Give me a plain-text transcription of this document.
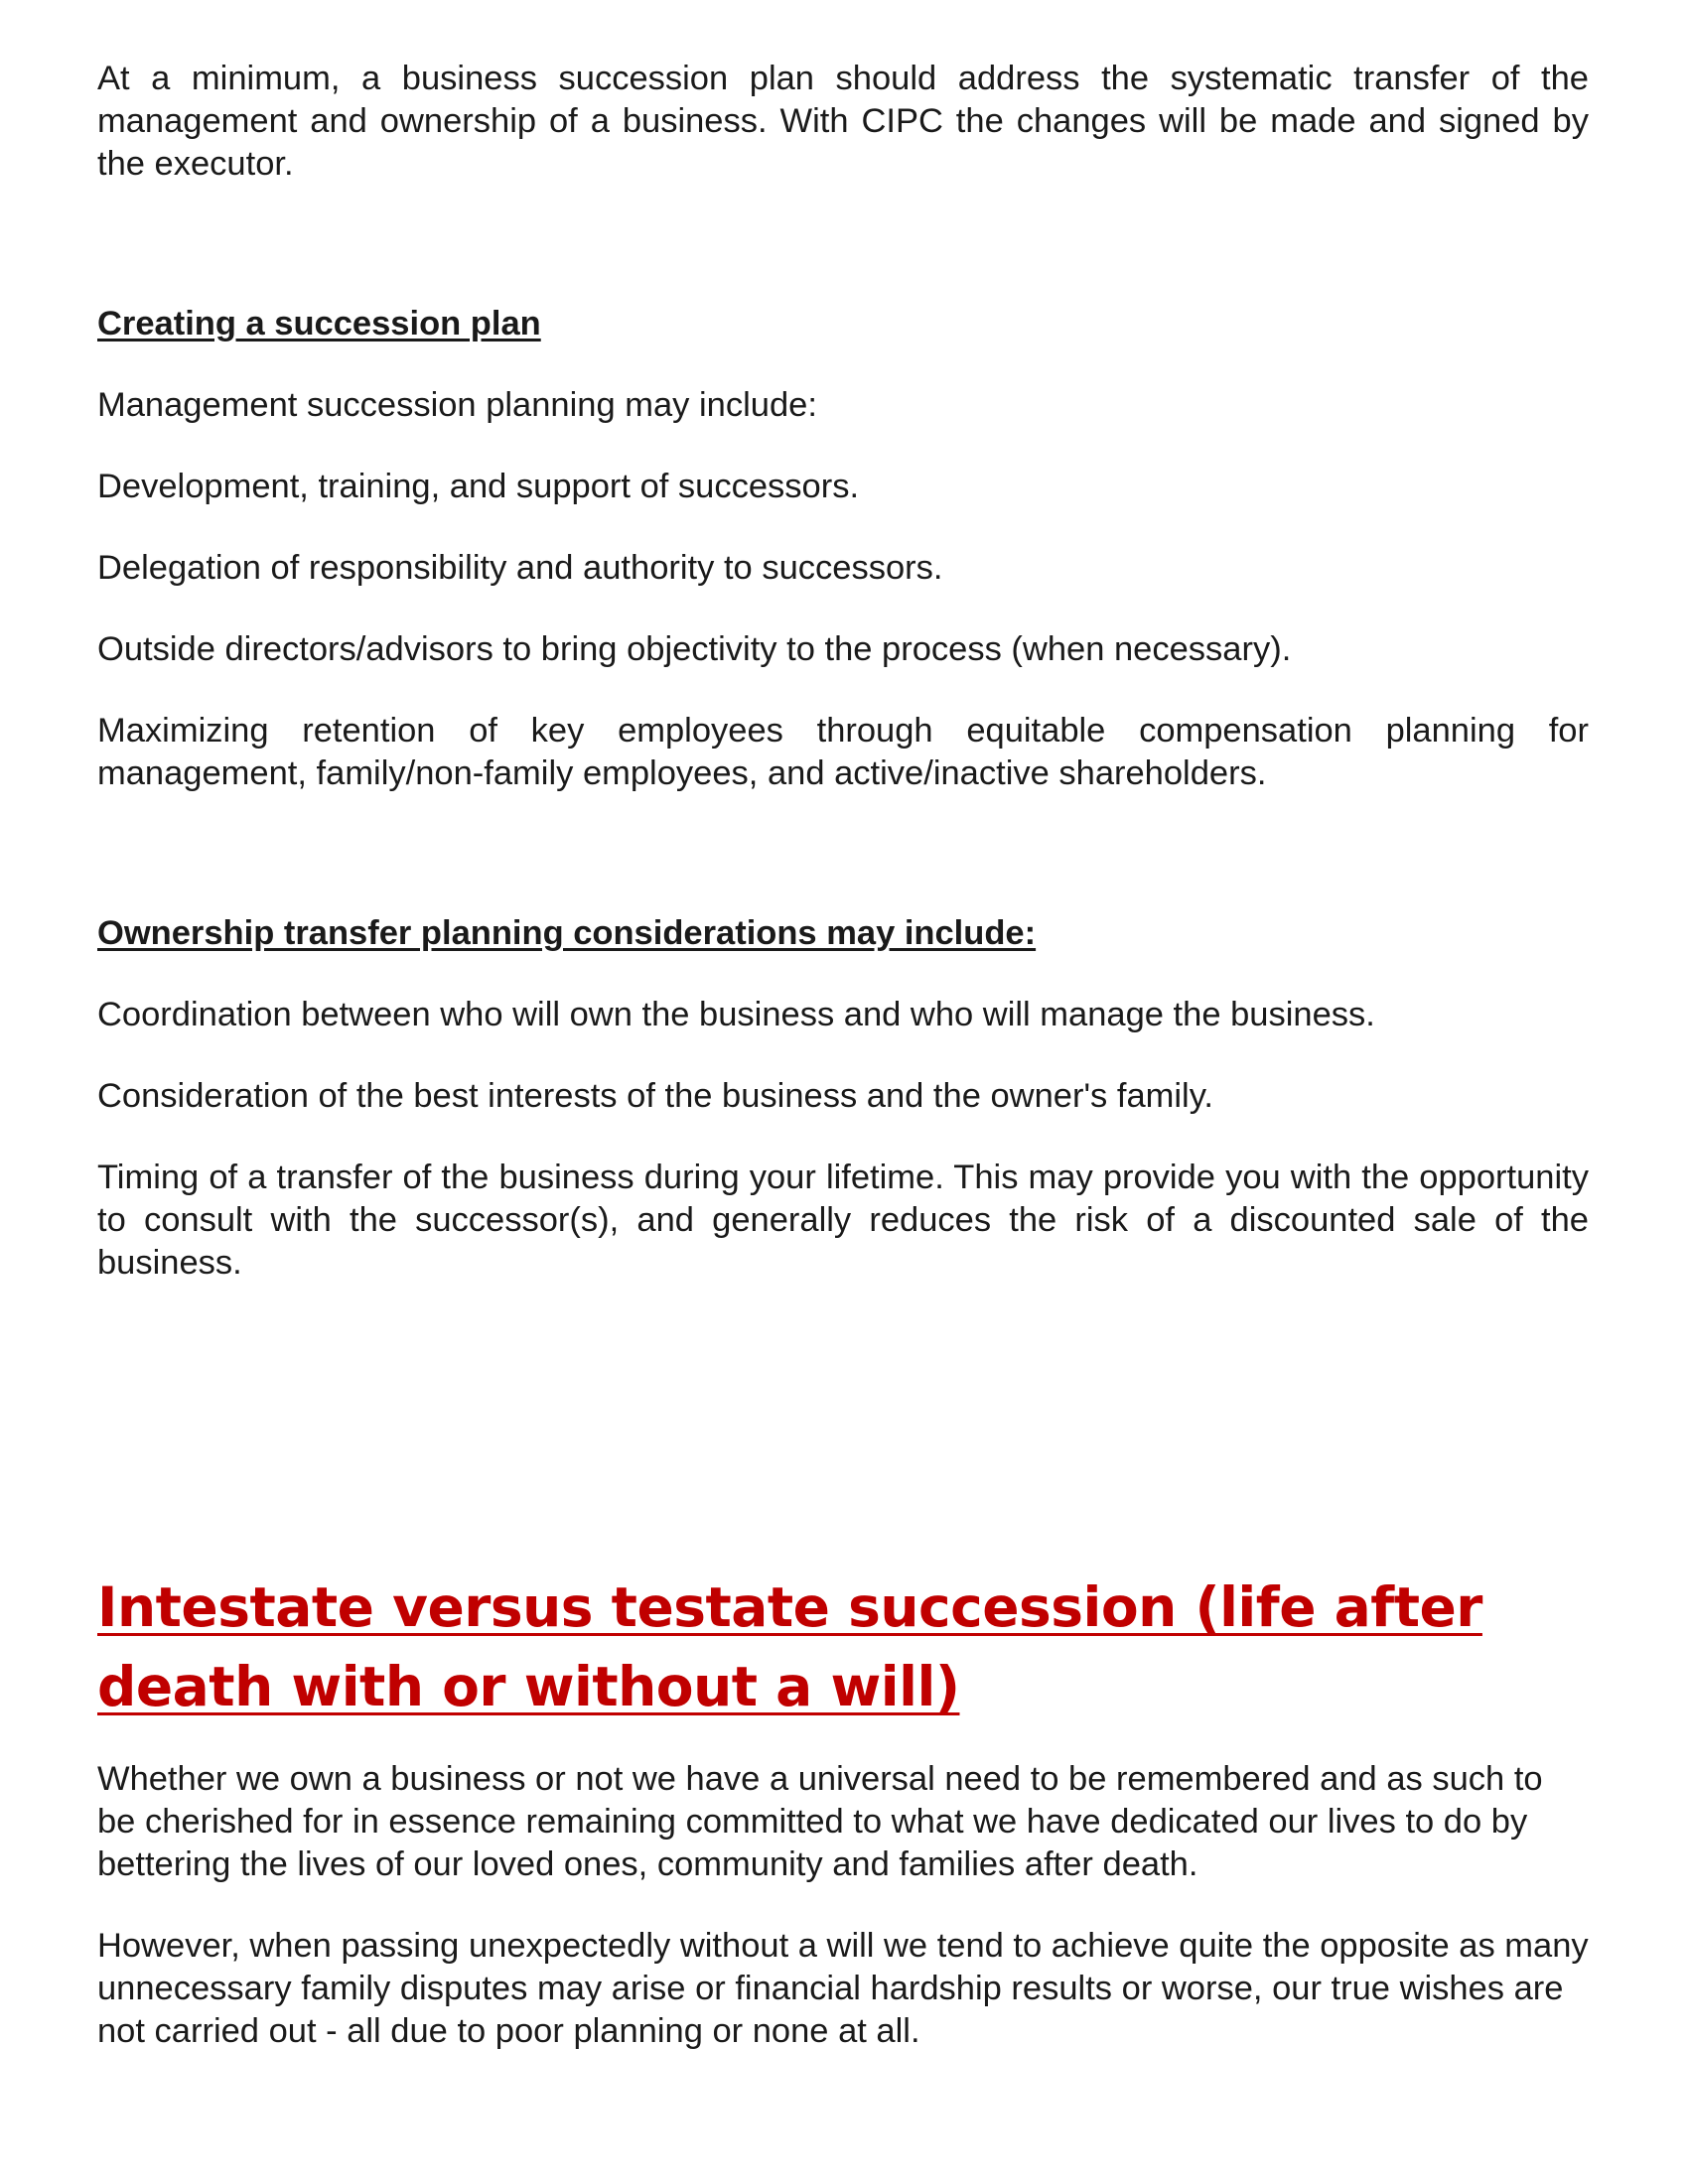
At a minimum, a business succession plan should address the systematic transfer of the management and ownership of a business. With CIPC the changes will be made and signed by the executor.

Creating a succession plan

Management succession planning may include:

Development, training, and support of successors.

Delegation of responsibility and authority to successors.

Outside directors/advisors to bring objectivity to the process (when necessary).

Maximizing retention of key employees through equitable compensation planning for management, family/non-family employees, and active/inactive shareholders.

Ownership transfer planning considerations may include:

Coordination between who will own the business and who will manage the business.

Consideration of the best interests of the business and the owner's family.

Timing of a transfer of the business during your lifetime. This may provide you with the opportunity to consult with the successor(s), and generally reduces the risk of a discounted sale of the business.

Intestate versus testate succession (life after death with or without a will)

Whether we own a business or not we have a universal need to be remembered and as such to be cherished for in essence remaining committed to what we have dedicated our lives to do by bettering the lives of our loved ones, community and families after death.

However, when passing unexpectedly without a will we tend to achieve quite the opposite as many unnecessary family disputes may arise or financial hardship results or worse, our true wishes are not carried out - all due to poor planning or none at all.
